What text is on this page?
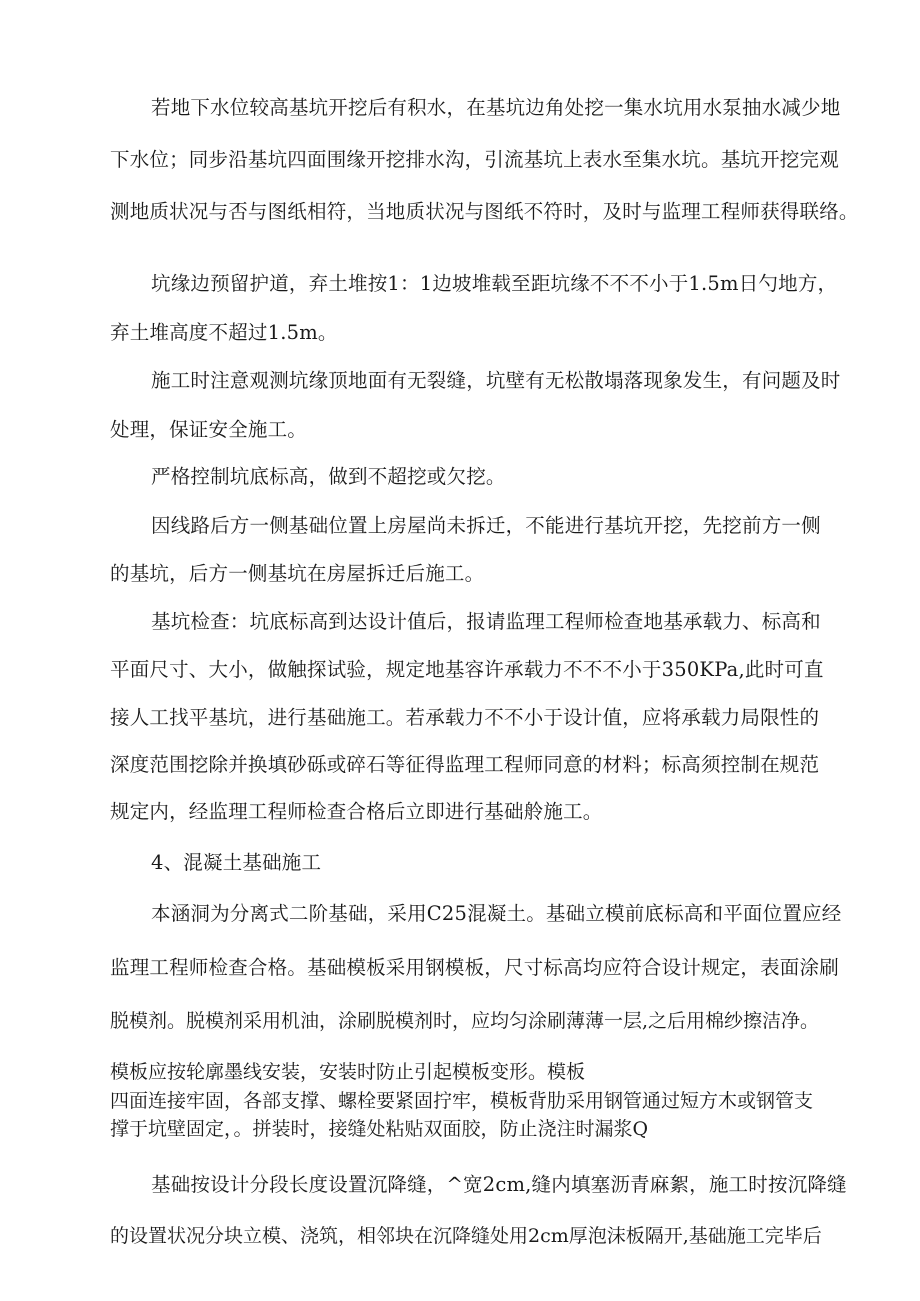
若地下水位较高基坑开挖后有积水，在基坑边角处挖一集水坑用水泵抽水减少地
下水位；同步沿基坑四面围缘开挖排水沟，引流基坑上表水至集水坑。基坑开挖完观
测地质状况与否与图纸相符，当地质状况与图纸不符时，及时与监理工程师获得联络。
坑缘边预留护道，弃土堆按1：1边坡堆载至距坑缘不不不小于1.5m日勺地方，
弃土堆高度不超过1.5m。
施工时注意观测坑缘顶地面有无裂缝，坑壁有无松散塌落现象发生，有问题及时
处理，保证安全施工。
严格控制坑底标高，做到不超挖或欠挖。
因线路后方一侧基础位置上房屋尚未拆迁，不能进行基坑开挖，先挖前方一侧
的基坑，后方一侧基坑在房屋拆迁后施工。
基坑检查：坑底标高到达设计值后，报请监理工程师检查地基承载力、标高和
平面尺寸、大小，做触探试验，规定地基容许承载力不不不小于350KPa,此时可直
接人工找平基坑，进行基础施工。若承载力不不小于设计值，应将承载力局限性的
深度范围挖除并换填砂砾或碎石等征得监理工程师同意的材料；标高须控制在规范
规定内，经监理工程师检查合格后立即进行基础舲施工。
4、混凝土基础施工
本涵洞为分离式二阶基础，采用C25混凝土。基础立模前底标高和平面位置应经
监理工程师检查合格。基础模板采用钢模板，尺寸标高均应符合设计规定，表面涂刷
脱模剂。脱模剂采用机油，涂刷脱模剂时，应均匀涂刷薄薄一层,之后用棉纱擦洁净。
模板应按轮廓墨线安装，安装时防止引起模板变形。模板
四面连接牢固，各部支撑、螺栓要紧固拧牢，模板背肋采用钢管通过短方木或钢管支
撑于坑壁固定，。拼装时，接缝处粘贴双面胶，防止浇注时漏浆Q
基础按设计分段长度设置沉降缝，^宽2cm,缝内填塞沥青麻絮，施工时按沉降缝
的设置状况分块立模、浇筑，相邻块在沉降缝处用2cm厚泡沫板隔开,基础施工完毕后
